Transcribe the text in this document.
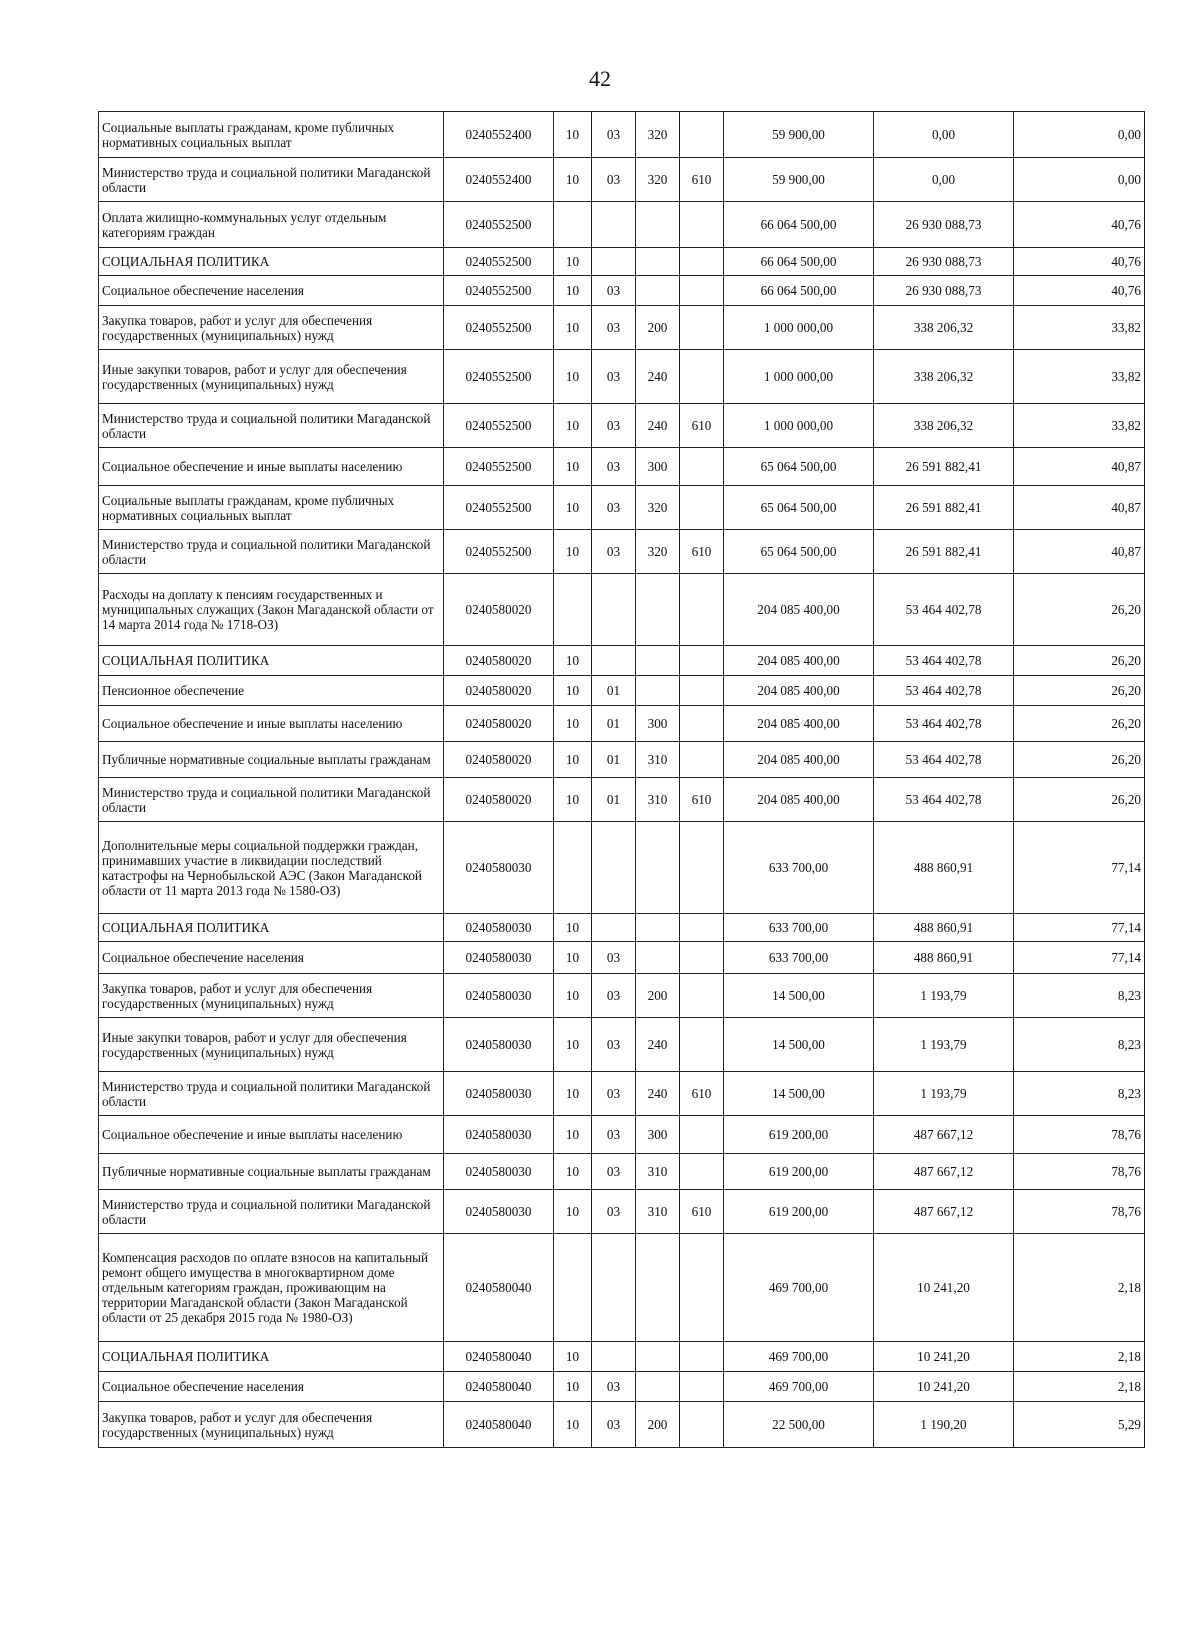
42
Социальные выплаты гражданам, кроме публичных нормативных социальных выплат	0240552400	10	03	320		59 900,00	0,00	0,00
Министерство труда и социальной политики Магаданской области	0240552400	10	03	320	610	59 900,00	0,00	0,00
Оплата жилищно-коммунальных услуг отдельным категориям граждан	0240552500					66 064 500,00	26 930 088,73	40,76
СОЦИАЛЬНАЯ ПОЛИТИКА	0240552500	10				66 064 500,00	26 930 088,73	40,76
Социальное обеспечение населения	0240552500	10	03			66 064 500,00	26 930 088,73	40,76
Закупка товаров, работ и услуг для обеспечения государственных (муниципальных) нужд	0240552500	10	03	200		1 000 000,00	338 206,32	33,82
Иные закупки товаров, работ и услуг для обеспечения государственных (муниципальных) нужд	0240552500	10	03	240		1 000 000,00	338 206,32	33,82
Министерство труда и социальной политики Магаданской области	0240552500	10	03	240	610	1 000 000,00	338 206,32	33,82
Социальное обеспечение и иные выплаты населению	0240552500	10	03	300		65 064 500,00	26 591 882,41	40,87
Социальные выплаты гражданам, кроме публичных нормативных социальных выплат	0240552500	10	03	320		65 064 500,00	26 591 882,41	40,87
Министерство труда и социальной политики Магаданской области	0240552500	10	03	320	610	65 064 500,00	26 591 882,41	40,87
Расходы на доплату к пенсиям государственных и муниципальных служащих (Закон Магаданской области от 14 марта 2014 года № 1718-ОЗ)	0240580020					204 085 400,00	53 464 402,78	26,20
СОЦИАЛЬНАЯ ПОЛИТИКА	0240580020	10				204 085 400,00	53 464 402,78	26,20
Пенсионное обеспечение	0240580020	10	01			204 085 400,00	53 464 402,78	26,20
Социальное обеспечение и иные выплаты населению	0240580020	10	01	300		204 085 400,00	53 464 402,78	26,20
Публичные нормативные социальные выплаты гражданам	0240580020	10	01	310		204 085 400,00	53 464 402,78	26,20
Министерство труда и социальной политики Магаданской области	0240580020	10	01	310	610	204 085 400,00	53 464 402,78	26,20
Дополнительные меры социальной поддержки граждан, принимавших участие в ликвидации последствий катастрофы на Чернобыльской АЭС (Закон Магаданской области от 11 марта 2013 года № 1580-ОЗ)	0240580030					633 700,00	488 860,91	77,14
СОЦИАЛЬНАЯ ПОЛИТИКА	0240580030	10				633 700,00	488 860,91	77,14
Социальное обеспечение населения	0240580030	10	03			633 700,00	488 860,91	77,14
Закупка товаров, работ и услуг для обеспечения государственных (муниципальных) нужд	0240580030	10	03	200		14 500,00	1 193,79	8,23
Иные закупки товаров, работ и услуг для обеспечения государственных (муниципальных) нужд	0240580030	10	03	240		14 500,00	1 193,79	8,23
Министерство труда и социальной политики Магаданской области	0240580030	10	03	240	610	14 500,00	1 193,79	8,23
Социальное обеспечение и иные выплаты населению	0240580030	10	03	300		619 200,00	487 667,12	78,76
Публичные нормативные социальные выплаты гражданам	0240580030	10	03	310		619 200,00	487 667,12	78,76
Министерство труда и социальной политики Магаданской области	0240580030	10	03	310	610	619 200,00	487 667,12	78,76
Компенсация расходов по оплате взносов на капитальный ремонт общего имущества в многоквартирном доме отдельным категориям граждан, проживающим на территории Магаданской области (Закон Магаданской области от 25 декабря 2015 года № 1980-ОЗ)	0240580040					469 700,00	10 241,20	2,18
СОЦИАЛЬНАЯ ПОЛИТИКА	0240580040	10				469 700,00	10 241,20	2,18
Социальное обеспечение населения	0240580040	10	03			469 700,00	10 241,20	2,18
Закупка товаров, работ и услуг для обеспечения государственных (муниципальных) нужд	0240580040	10	03	200		22 500,00	1 190,20	5,29
